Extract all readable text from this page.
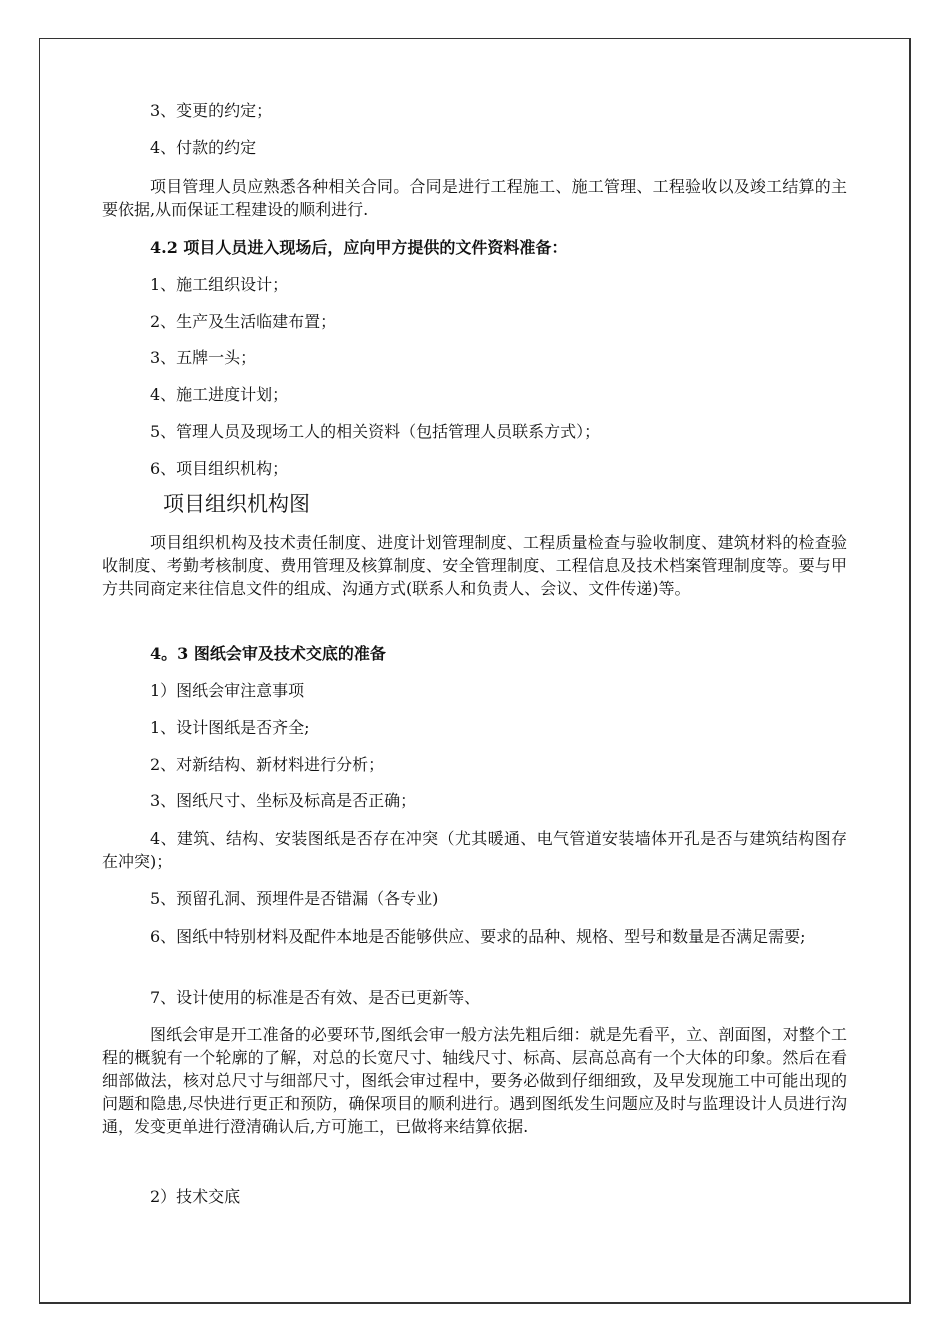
3、变更的约定；
4、付款的约定
项目管理人员应熟悉各种相关合同。合同是进行工程施工、施工管理、工程验收以及竣工结算的主要依据,从而保证工程建设的顺利进行.
4.2 项目人员进入现场后，应向甲方提供的文件资料准备：
1、施工组织设计；
2、生产及生活临建布置；
3、五牌一头；
4、施工进度计划；
5、管理人员及现场工人的相关资料（包括管理人员联系方式）；
6、项目组织机构；
项目组织机构图
项目组织机构及技术责任制度、进度计划管理制度、工程质量检查与验收制度、建筑材料的检查验收制度、考勤考核制度、费用管理及核算制度、安全管理制度、工程信息及技术档案管理制度等。要与甲方共同商定来往信息文件的组成、沟通方式(联系人和负责人、会议、文件传递)等。
4。3 图纸会审及技术交底的准备
1）图纸会审注意事项
1、设计图纸是否齐全;
2、对新结构、新材料进行分析；
3、图纸尺寸、坐标及标高是否正确；
4、建筑、结构、安装图纸是否存在冲突（尤其暖通、电气管道安装墙体开孔是否与建筑结构图存在冲突)；
5、预留孔洞、预埋件是否错漏（各专业)
6、图纸中特别材料及配件本地是否能够供应、要求的品种、规格、型号和数量是否满足需要;
7、设计使用的标准是否有效、是否已更新等、
图纸会审是开工准备的必要环节,图纸会审一般方法先粗后细：就是先看平，立、剖面图，对整个工程的概貌有一个轮廓的了解，对总的长宽尺寸、轴线尺寸、标高、层高总高有一个大体的印象。然后在看细部做法，核对总尺寸与细部尺寸，图纸会审过程中，要务必做到仔细细致，及早发现施工中可能出现的问题和隐患,尽快进行更正和预防，确保项目的顺利进行。遇到图纸发生问题应及时与监理设计人员进行沟通，发变更单进行澄清确认后,方可施工，已做将来结算依据.
2）技术交底
